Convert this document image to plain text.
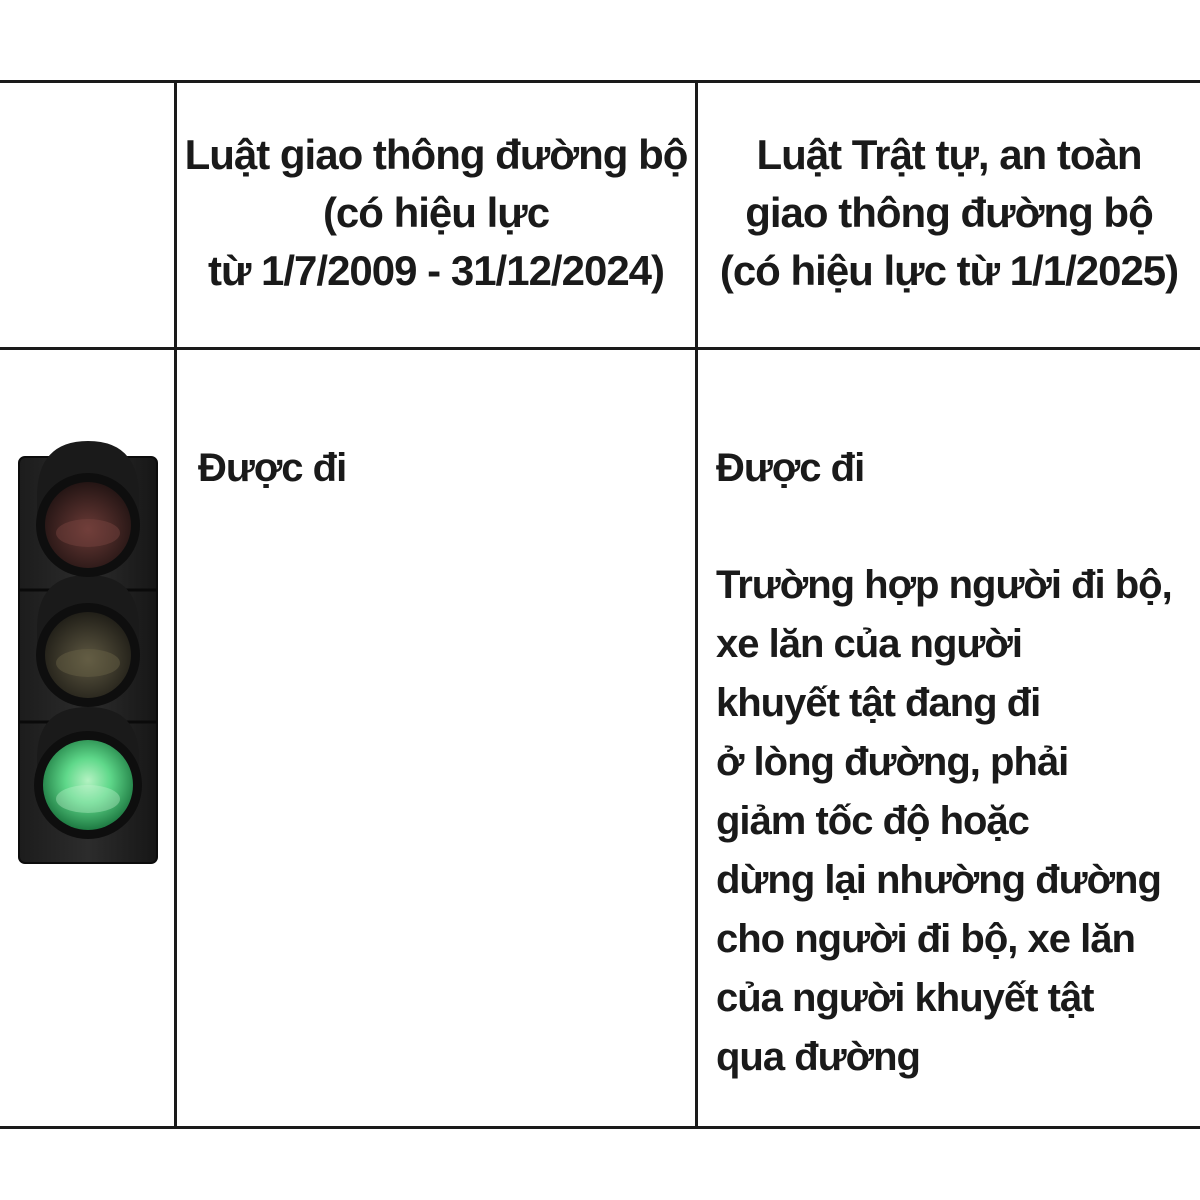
Luật giao thông đường bộ
(có hiệu lực
từ 1/7/2009 - 31/12/2024)
Luật Trật tự, an toàn
giao thông đường bộ
(có hiệu lực từ 1/1/2025)
Được đi	Được đi
Trường hợp người đi bộ,
xe lăn của người
khuyết tật đang đi
ở lòng đường, phải
giảm tốc độ hoặc
dừng lại nhường đường
cho người đi bộ, xe lăn
của người khuyết tật
qua đường
